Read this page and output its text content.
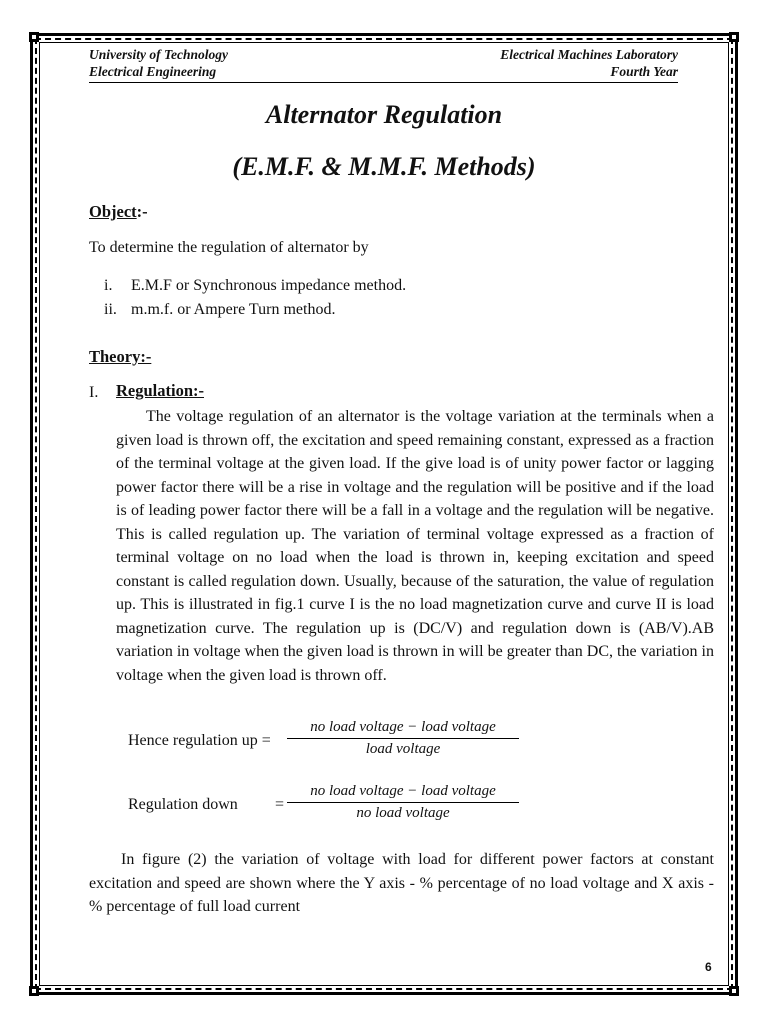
University of Technology
Electrical Engineering
Electrical Machines Laboratory
Fourth Year
Alternator Regulation
(E.M.F. & M.M.F. Methods)
Object:-
To determine the regulation of alternator by
i.	E.M.F or Synchronous impedance method.
ii. m.m.f. or Ampere Turn method.
Theory:-
I. Regulation:-
The voltage regulation of an alternator is the voltage variation at the terminals when a given load is thrown off, the excitation and speed remaining constant, expressed as a fraction of the terminal voltage at the given load. If the give load is of unity power factor or lagging power factor there will be a rise in voltage and the regulation will be positive and if the load is of leading power factor there will be a fall in a voltage and the regulation will be negative. This is called regulation up. The variation of terminal voltage expressed as a fraction of terminal voltage on no load when the load is thrown in, keeping excitation and speed constant is called regulation down. Usually, because of the saturation, the value of regulation up. This is illustrated in fig.1 curve I is the no load magnetization curve and curve II is load magnetization curve. The regulation up is (DC/V) and regulation down is (AB/V).AB variation in voltage when the given load is thrown in will be greater than DC, the variation in voltage when the given load is thrown off.
Hence regulation up =
no load voltage − load voltage
load voltage
Regulation down =
no load voltage − load voltage
no load voltage
In figure (2) the variation of voltage with load for different power factors at constant excitation and speed are shown where the Y axis - % percentage of no load voltage and X axis - % percentage of full load current
6
